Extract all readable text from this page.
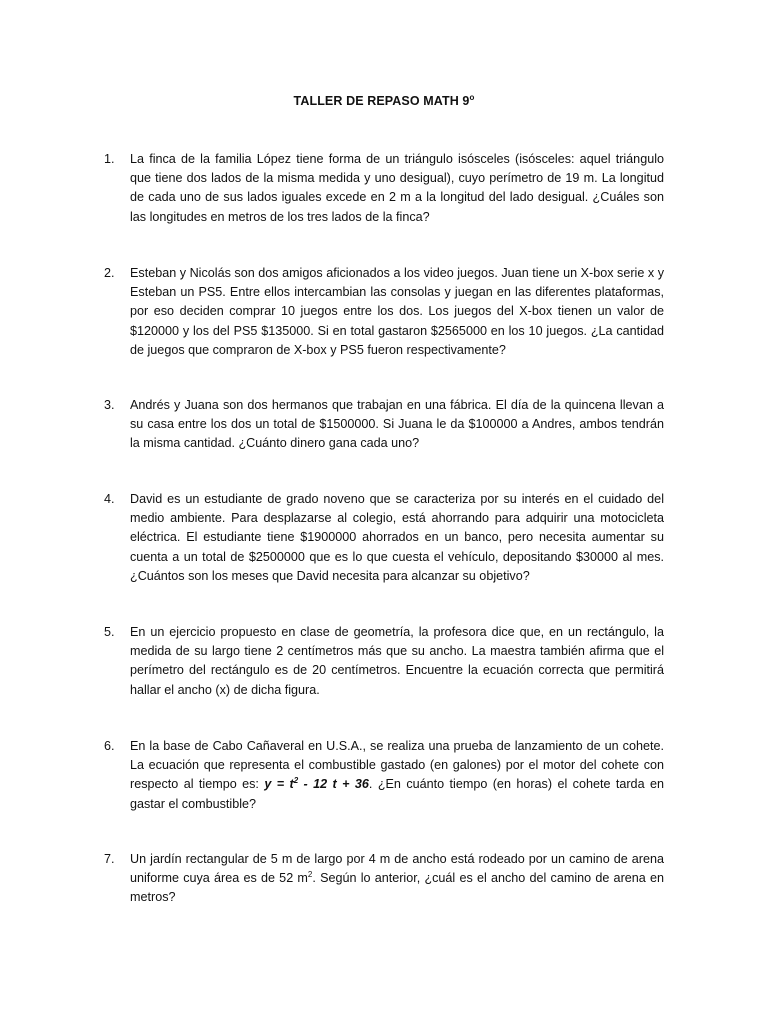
TALLER DE REPASO MATH 9$^o$
1. La finca de la familia López tiene forma de un triángulo isósceles (isósceles: aquel triángulo que tiene dos lados de la misma medida y uno desigual), cuyo perímetro de 19 m. La longitud de cada uno de sus lados iguales excede en 2 m a la longitud del lado desigual. ¿Cuáles son las longitudes en metros de los tres lados de la finca?
2. Esteban y Nicolás son dos amigos aficionados a los video juegos. Juan tiene un X-box serie x y Esteban un PS5. Entre ellos intercambian las consolas y juegan en las diferentes plataformas, por eso deciden comprar 10 juegos entre los dos. Los juegos del X-box tienen un valor de $120000 y los del PS5 $135000. Si en total gastaron $2565000 en los 10 juegos. ¿La cantidad de juegos que compraron de X-box y PS5 fueron respectivamente?
3. Andrés y Juana son dos hermanos que trabajan en una fábrica. El día de la quincena llevan a su casa entre los dos un total de $1500000. Si Juana le da $100000 a Andres, ambos tendrán la misma cantidad. ¿Cuánto dinero gana cada uno?
4. David es un estudiante de grado noveno que se caracteriza por su interés en el cuidado del medio ambiente. Para desplazarse al colegio, está ahorrando para adquirir una motocicleta eléctrica. El estudiante tiene $1900000 ahorrados en un banco, pero necesita aumentar su cuenta a un total de $2500000 que es lo que cuesta el vehículo, depositando $30000 al mes. ¿Cuántos son los meses que David necesita para alcanzar su objetivo?
5. En un ejercicio propuesto en clase de geometría, la profesora dice que, en un rectángulo, la medida de su largo tiene 2 centímetros más que su ancho. La maestra también afirma que el perímetro del rectángulo es de 20 centímetros. Encuentre la ecuación correcta que permitirá hallar el ancho (x) de dicha figura.
6. En la base de Cabo Cañaveral en U.S.A., se realiza una prueba de lanzamiento de un cohete. La ecuación que representa el combustible gastado (en galones) por el motor del cohete con respecto al tiempo es: $y = t^2 - 12$ t + 36. ¿En cuánto tiempo (en horas) el cohete tarda en gastar el combustible?
7. Un jardín rectangular de 5 m de largo por 4 m de ancho está rodeado por un camino de arena uniforme cuya área es de 52 $m^2$. Según lo anterior, ¿cuál es el ancho del camino de arena en metros?
